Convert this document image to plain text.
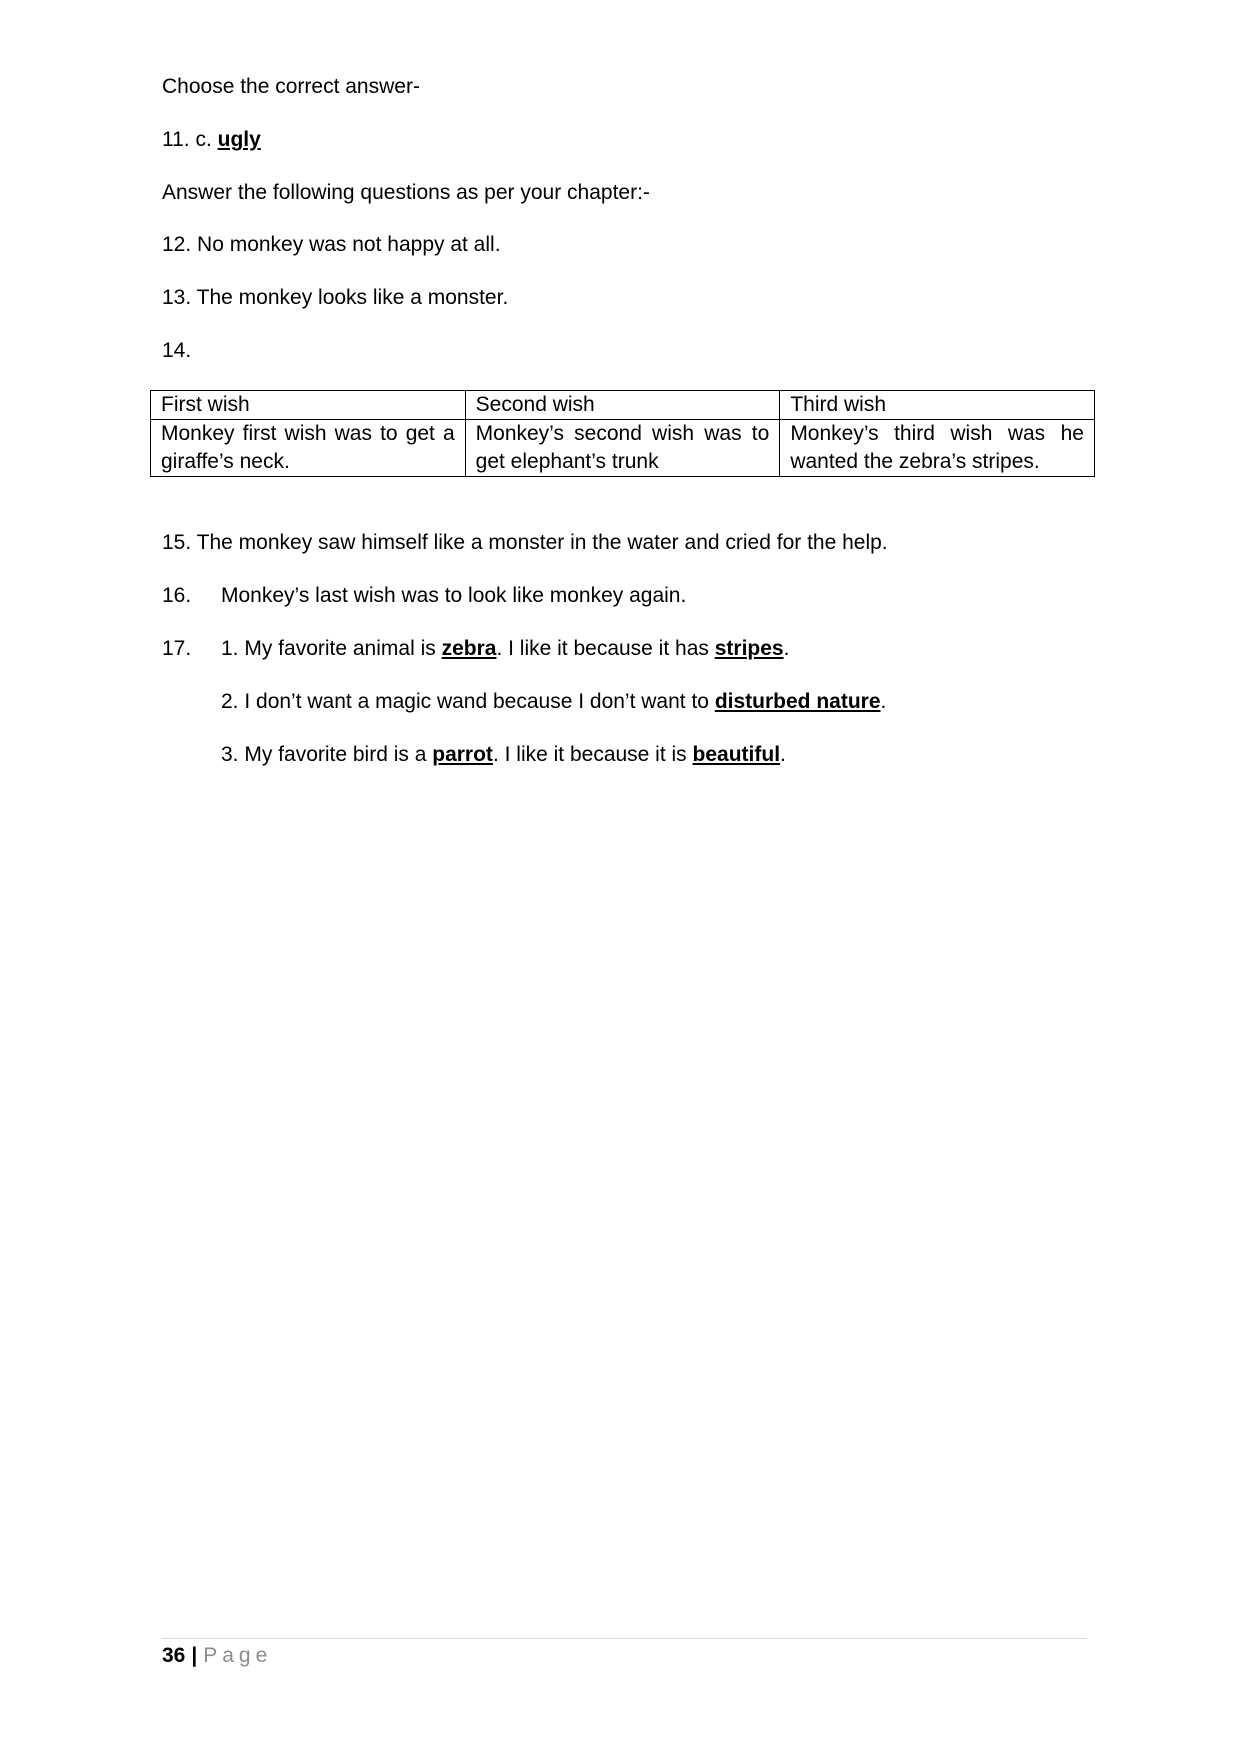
Choose the correct answer-
11. c. ugly
Answer the following questions as per your chapter:-
12. No monkey was not happy at all.
13. The monkey looks like a monster.
14.
First wish	Second wish	Third wish
Monkey first wish was to get a giraffe’s neck.	Monkey’s second wish was to get elephant’s trunk	Monkey’s third wish was he wanted the zebra’s stripes.
15. The monkey saw himself like a monster in the water and cried for the help.
16. Monkey’s last wish was to look like monkey again.
17. 1. My favorite animal is zebra. I like it because it has stripes.
2. I don’t want a magic wand because I don’t want to disturbed nature.
3. My favorite bird is a parrot. I like it because it is beautiful.
36 | Page
